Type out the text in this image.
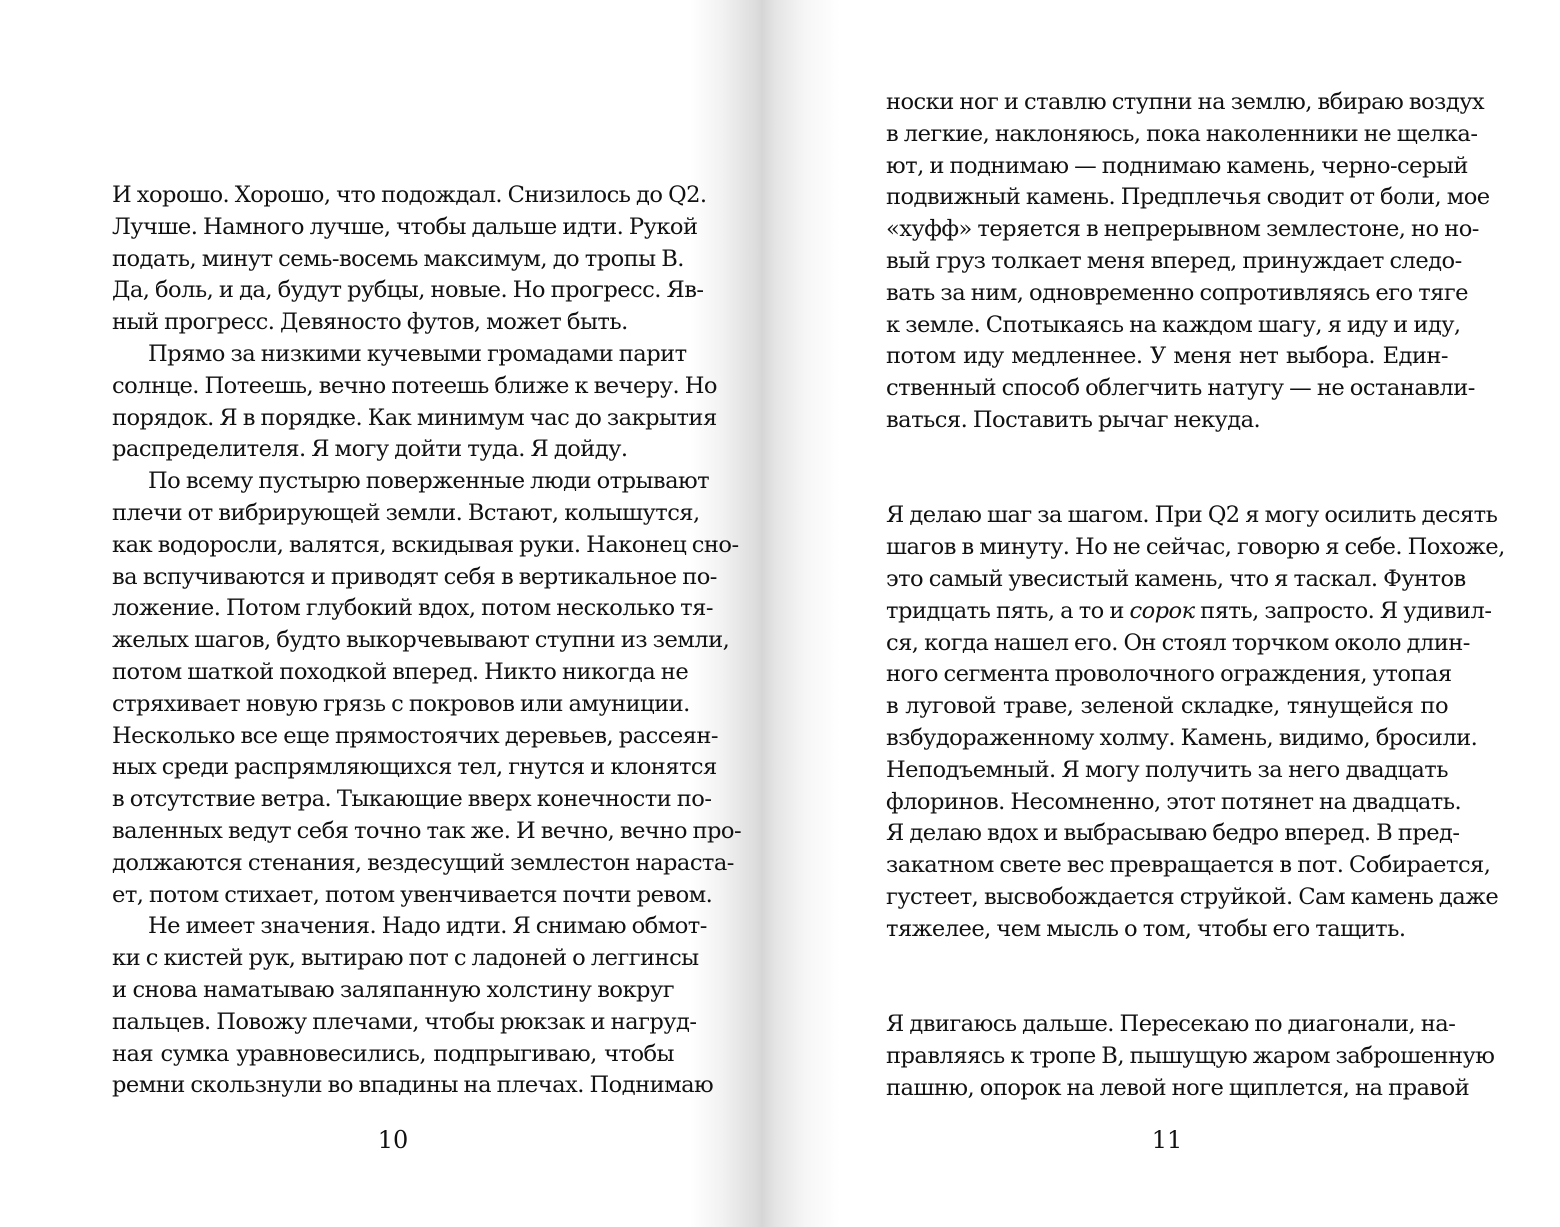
И хорошо. Хорошо, что подождал. Снизилось до Q2.
Лучше. Намного лучше, чтобы дальше идти. Рукой
подать, минут семь-восемь максимум, до тропы В.
Да, боль, и да, будут рубцы, новые. Но прогресс. Яв-
ный прогресс. Девяносто футов, может быть.
Прямо за низкими кучевыми громадами парит
солнце. Потеешь, вечно потеешь ближе к вечеру. Но
порядок. Я в порядке. Как минимум час до закрытия
распределителя. Я могу дойти туда. Я дойду.
По всему пустырю поверженные люди отрывают
плечи от вибрирующей земли. Встают, колышутся,
как водоросли, валятся, вскидывая руки. Наконец сно-
ва вспучиваются и приводят себя в вертикальное по-
ложение. Потом глубокий вдох, потом несколько тя-
желых шагов, будто выкорчевывают ступни из земли,
потом шаткой походкой вперед. Никто никогда не
стряхивает новую грязь с покровов или амуниции.
Несколько все еще прямостоячих деревьев, рассеян-
ных среди распрямляющихся тел, гнутся и клонятся
в отсутствие ветра. Тыкающие вверх конечности по-
валенных ведут себя точно так же. И вечно, вечно про-
должаются стенания, вездесущий землестон нараста-
ет, потом стихает, потом увенчивается почти ревом.
Не имеет значения. Надо идти. Я снимаю обмот-
ки с кистей рук, вытираю пот с ладоней о леггинсы
и снова наматываю заляпанную холстину вокруг
пальцев. Повожу плечами, чтобы рюкзак и нагруд-
ная сумка уравновесились, подпрыгиваю, чтобы
ремни скользнули во впадины на плечах. Поднимаю
10
носки ног и ставлю ступни на землю, вбираю воздух
в легкие, наклоняюсь, пока наколенники не щелка-
ют, и поднимаю — поднимаю камень, черно-серый
подвижный камень. Предплечья сводит от боли, мое
«хуфф» теряется в непрерывном землестоне, но но-
вый груз толкает меня вперед, принуждает следо-
вать за ним, одновременно сопротивляясь его тяге
к земле. Спотыкаясь на каждом шагу, я иду и иду,
потом иду медленнее. У меня нет выбора. Един-
ственный способ облегчить натугу — не останавли-
ваться. Поставить рычаг некуда.
Я делаю шаг за шагом. При Q2 я могу осилить десять
шагов в минуту. Но не сейчас, говорю я себе. Похоже,
это самый увесистый камень, что я таскал. Фунтов
тридцать пять, а то и сорок пять, запросто. Я удивил-
ся, когда нашел его. Он стоял торчком около длин-
ного сегмента проволочного ограждения, утопая
в луговой траве, зеленой складке, тянущейся по
взбудораженному холму. Камень, видимо, бросили.
Неподъемный. Я могу получить за него двадцать
флоринов. Несомненно, этот потянет на двадцать.
Я делаю вдох и выбрасываю бедро вперед. В пред-
закатном свете вес превращается в пот. Собирается,
густеет, высвобождается струйкой. Сам камень даже
тяжелее, чем мысль о том, чтобы его тащить.
Я двигаюсь дальше. Пересекаю по диагонали, на-
правляясь к тропе В, пышущую жаром заброшенную
пашню, опорок на левой ноге щиплется, на правой
11
